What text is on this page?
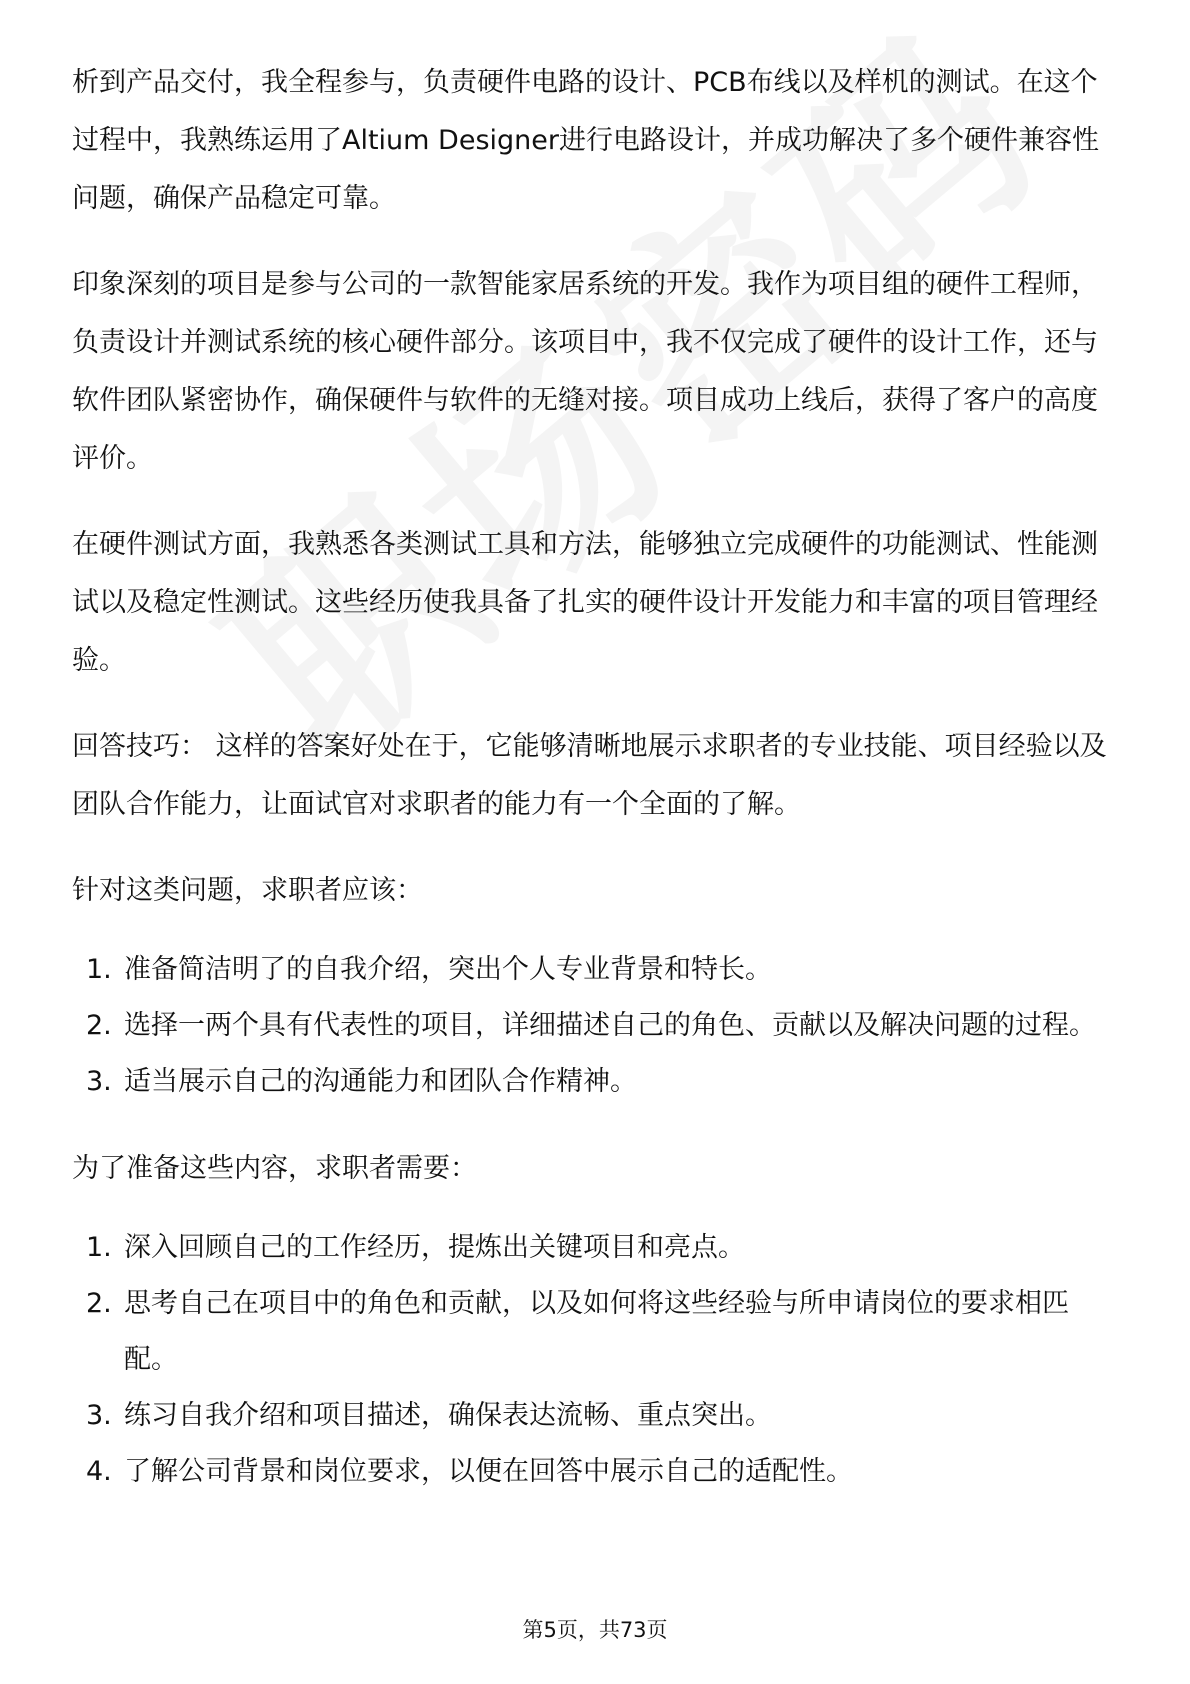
析到产品交付，我全程参与，负责硬件电路的设计、PCB布线以及样机的测试。在这个过程中，我熟练运用了Altium Designer进行电路设计，并成功解决了多个硬件兼容性问题，确保产品稳定可靠。

印象深刻的项目是参与公司的一款智能家居系统的开发。我作为项目组的硬件工程师，负责设计并测试系统的核心硬件部分。该项目中，我不仅完成了硬件的设计工作，还与软件团队紧密协作，确保硬件与软件的无缝对接。项目成功上线后，获得了客户的高度评价。

在硬件测试方面，我熟悉各类测试工具和方法，能够独立完成硬件的功能测试、性能测试以及稳定性测试。这些经历使我具备了扎实的硬件设计开发能力和丰富的项目管理经验。

回答技巧： 这样的答案好处在于，它能够清晰地展示求职者的专业技能、项目经验以及团队合作能力，让面试官对求职者的能力有一个全面的了解。

针对这类问题，求职者应该：

1. 准备简洁明了的自我介绍，突出个人专业背景和特长。
2. 选择一两个具有代表性的项目，详细描述自己的角色、贡献以及解决问题的过程。
3. 适当展示自己的沟通能力和团队合作精神。

为了准备这些内容，求职者需要：

1. 深入回顾自己的工作经历，提炼出关键项目和亮点。
2. 思考自己在项目中的角色和贡献，以及如何将这些经验与所申请岗位的要求相匹配。
3. 练习自我介绍和项目描述，确保表达流畅、重点突出。
4. 了解公司背景和岗位要求，以便在回答中展示自己的适配性。
第5页，共73页
